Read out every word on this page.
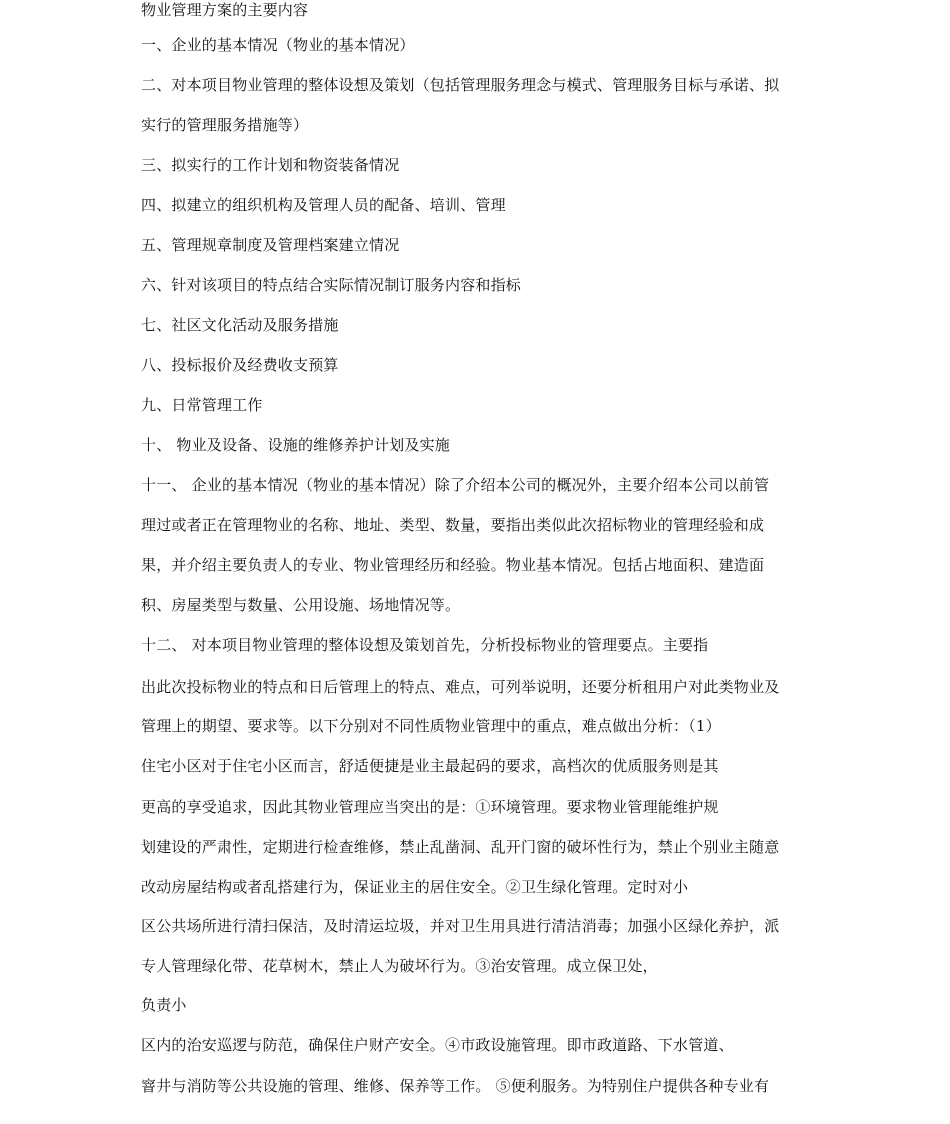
物业管理方案的主要内容
一、企业的基本情况（物业的基本情况）
二、对本项目物业管理的整体设想及策划（包括管理服务理念与模式、管理服务目标与承诺、拟
实行的管理服务措施等）
三、拟实行的工作计划和物资装备情况
四、拟建立的组织机构及管理人员的配备、培训、管理
五、管理规章制度及管理档案建立情况
六、针对该项目的特点结合实际情况制订服务内容和指标
七、社区文化活动及服务措施
八、投标报价及经费收支预算
九、日常管理工作
十、 物业及设备、设施的维修养护计划及实施
十一、 企业的基本情况（物业的基本情况）除了介绍本公司的概况外，主要介绍本公司以前管
理过或者正在管理物业的名称、地址、类型、数量，要指出类似此次招标物业的管理经验和成
果，并介绍主要负责人的专业、物业管理经历和经验。物业基本情况。包括占地面积、建造面
积、房屋类型与数量、公用设施、场地情况等。
十二、 对本项目物业管理的整体设想及策划首先，分析投标物业的管理要点。主要指
出此次投标物业的特点和日后管理上的特点、难点，可列举说明，还要分析租用户对此类物业及
管理上的期望、要求等。以下分别对不同性质物业管理中的重点，难点做出分析：（1）
住宅小区对于住宅小区而言，舒适便捷是业主最起码的要求，高档次的优质服务则是其
更高的享受追求，因此其物业管理应当突出的是：①环境管理。要求物业管理能维护规
划建设的严肃性，定期进行检查维修，禁止乱凿洞、乱开门窗的破坏性行为，禁止个别业主随意
改动房屋结构或者乱搭建行为，保证业主的居住安全。②卫生绿化管理。定时对小
区公共场所进行清扫保洁，及时清运垃圾，并对卫生用具进行清洁消毒；加强小区绿化养护，派
专人管理绿化带、花草树木，禁止人为破坏行为。③治安管理。成立保卫处，
负责小
区内的治安巡逻与防范，确保住户财产安全。④市政设施管理。即市政道路、下水管道、
窨井与消防等公共设施的管理、维修、保养等工作。 ⑤便利服务。为特别住户提供各种专业有
